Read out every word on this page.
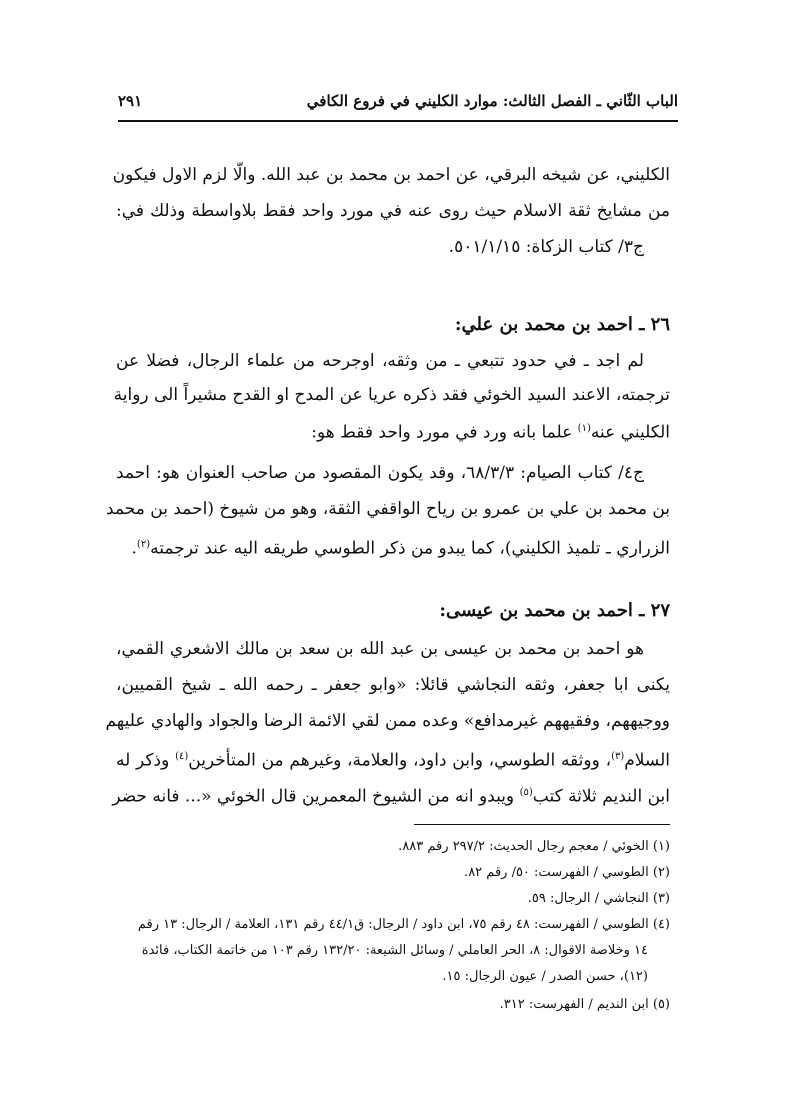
الباب الثّاني ـ الفصل الثالث: موارد الكليني في فروع الكافي
٢٩١
الكليني، عن شيخه البرقي، عن احمد بن محمد بن عبد الله. والّا لزم الاول فيكون
من مشايخ ثقة الاسلام حيث روى عنه في مورد واحد فقط بلاواسطة وذلك في:
ج٣/ كتاب الزكاة: ٥٠١/١/١٥.
٢٦ ـ احمد بن محمد بن علي:
لم اجد ـ في حدود تتبعي ـ من وثقه، اوجرحه من علماء الرجال، فضلا عن
ترجمته، الاعند السيد الخوئي فقد ذكره عريا عن المدح او القدح مشيراً الى رواية
الكليني عنه$^{(١)}$ علما بانه ورد في مورد واحد فقط هو:
ج٤/ كتاب الصيام: ٦٨/٣/٣، وقد يكون المقصود من صاحب العنوان هو: احمد
بن محمد بن علي بن عمرو بن رياح الواقفي الثقة، وهو من شيوخ (احمد بن محمد
الزراري ـ تلميذ الكليني)، كما يبدو من ذكر الطوسي طريقه اليه عند ترجمته$^{(٢)}$.
٢٧ ـ احمد بن محمد بن عيسى:
هو احمد بن محمد بن عيسى بن عبد الله بن سعد بن مالك الاشعري القمي،
يكنى ابا جعفر، وثقه النجاشي قائلا: «وابو جعفر ـ رحمه الله ـ شيخ القميين،
ووجيههم، وفقيههم غيرمدافع» وعده ممن لقي الائمة الرضا والجواد والهادي عليهم
السلام$^{(٣)}$، ووثقه الطوسي، وابن داود، والعلامة، وغيرهم من المتأخرين$^{(٤)}$ وذكر له
ابن النديم ثلاثة كتب$^{(٥)}$ ويبدو انه من الشيوخ المعمرين قال الخوئي «... فانه حضر
(١) الخوئي / معجم رجال الحديث: ٢٩٧/٢ رقم ٨٨٣.
(٢) الطوسي / الفهرست: ٥٠/ رقم ٨٢.
(٣) النجاشي / الرجال: ٥٩.
(٤) الطوسي / الفهرست: ٤٨ رقم ٧٥، ابن داود / الرجال: ق٤٤/١ رقم ١٣١، العلامة / الرجال: ١٣ رقم
١٤ وخلاصة الاقوال: ٨، الحر العاملي / وسائل الشيعة: ١٣٢/٢٠ رقم ١٠٣ من خاتمة الكتاب، فائدة
(١٢)، حسن الصدر / عيون الرجال: ١٥.
(٥) ابن النديم / الفهرست: ٣١٢.
